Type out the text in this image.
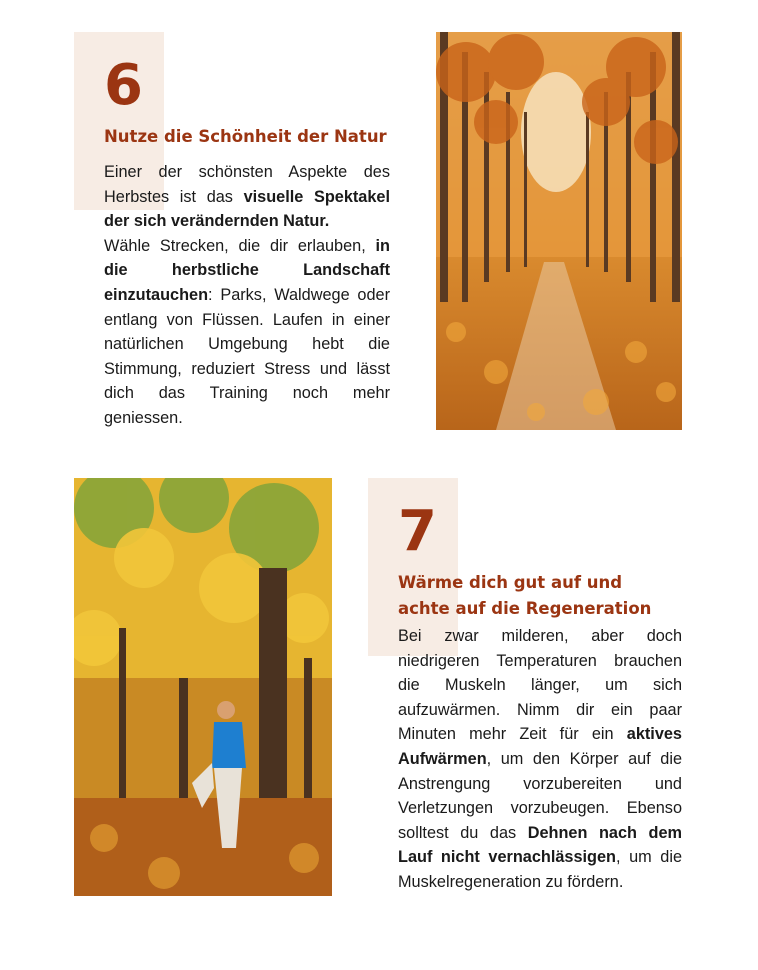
6
Nutze die Schönheit der Natur

Einer der schönsten Aspekte des Herbstes ist das visuelle Spektakel der sich verändernden Natur.
Wähle Strecken, die dir erlauben, in die herbstliche Landschaft einzutauchen: Parks, Waldwege oder entlang von Flüssen. Laufen in einer natürlichen Umgebung hebt die Stimmung, reduziert Stress und lässt dich das Training noch mehr geniessen.

7
Wärme dich gut auf und
achte auf die Regeneration

Bei zwar milderen, aber doch niedrigeren Temperaturen brauchen die Muskeln länger, um sich aufzuwärmen. Nimm dir ein paar Minuten mehr Zeit für ein aktives Aufwärmen, um den Körper auf die Anstrengung vorzubereiten und Verletzungen vorzubeugen. Ebenso solltest du das Dehnen nach dem Lauf nicht vernachlässigen, um die Muskelregeneration zu fördern.
